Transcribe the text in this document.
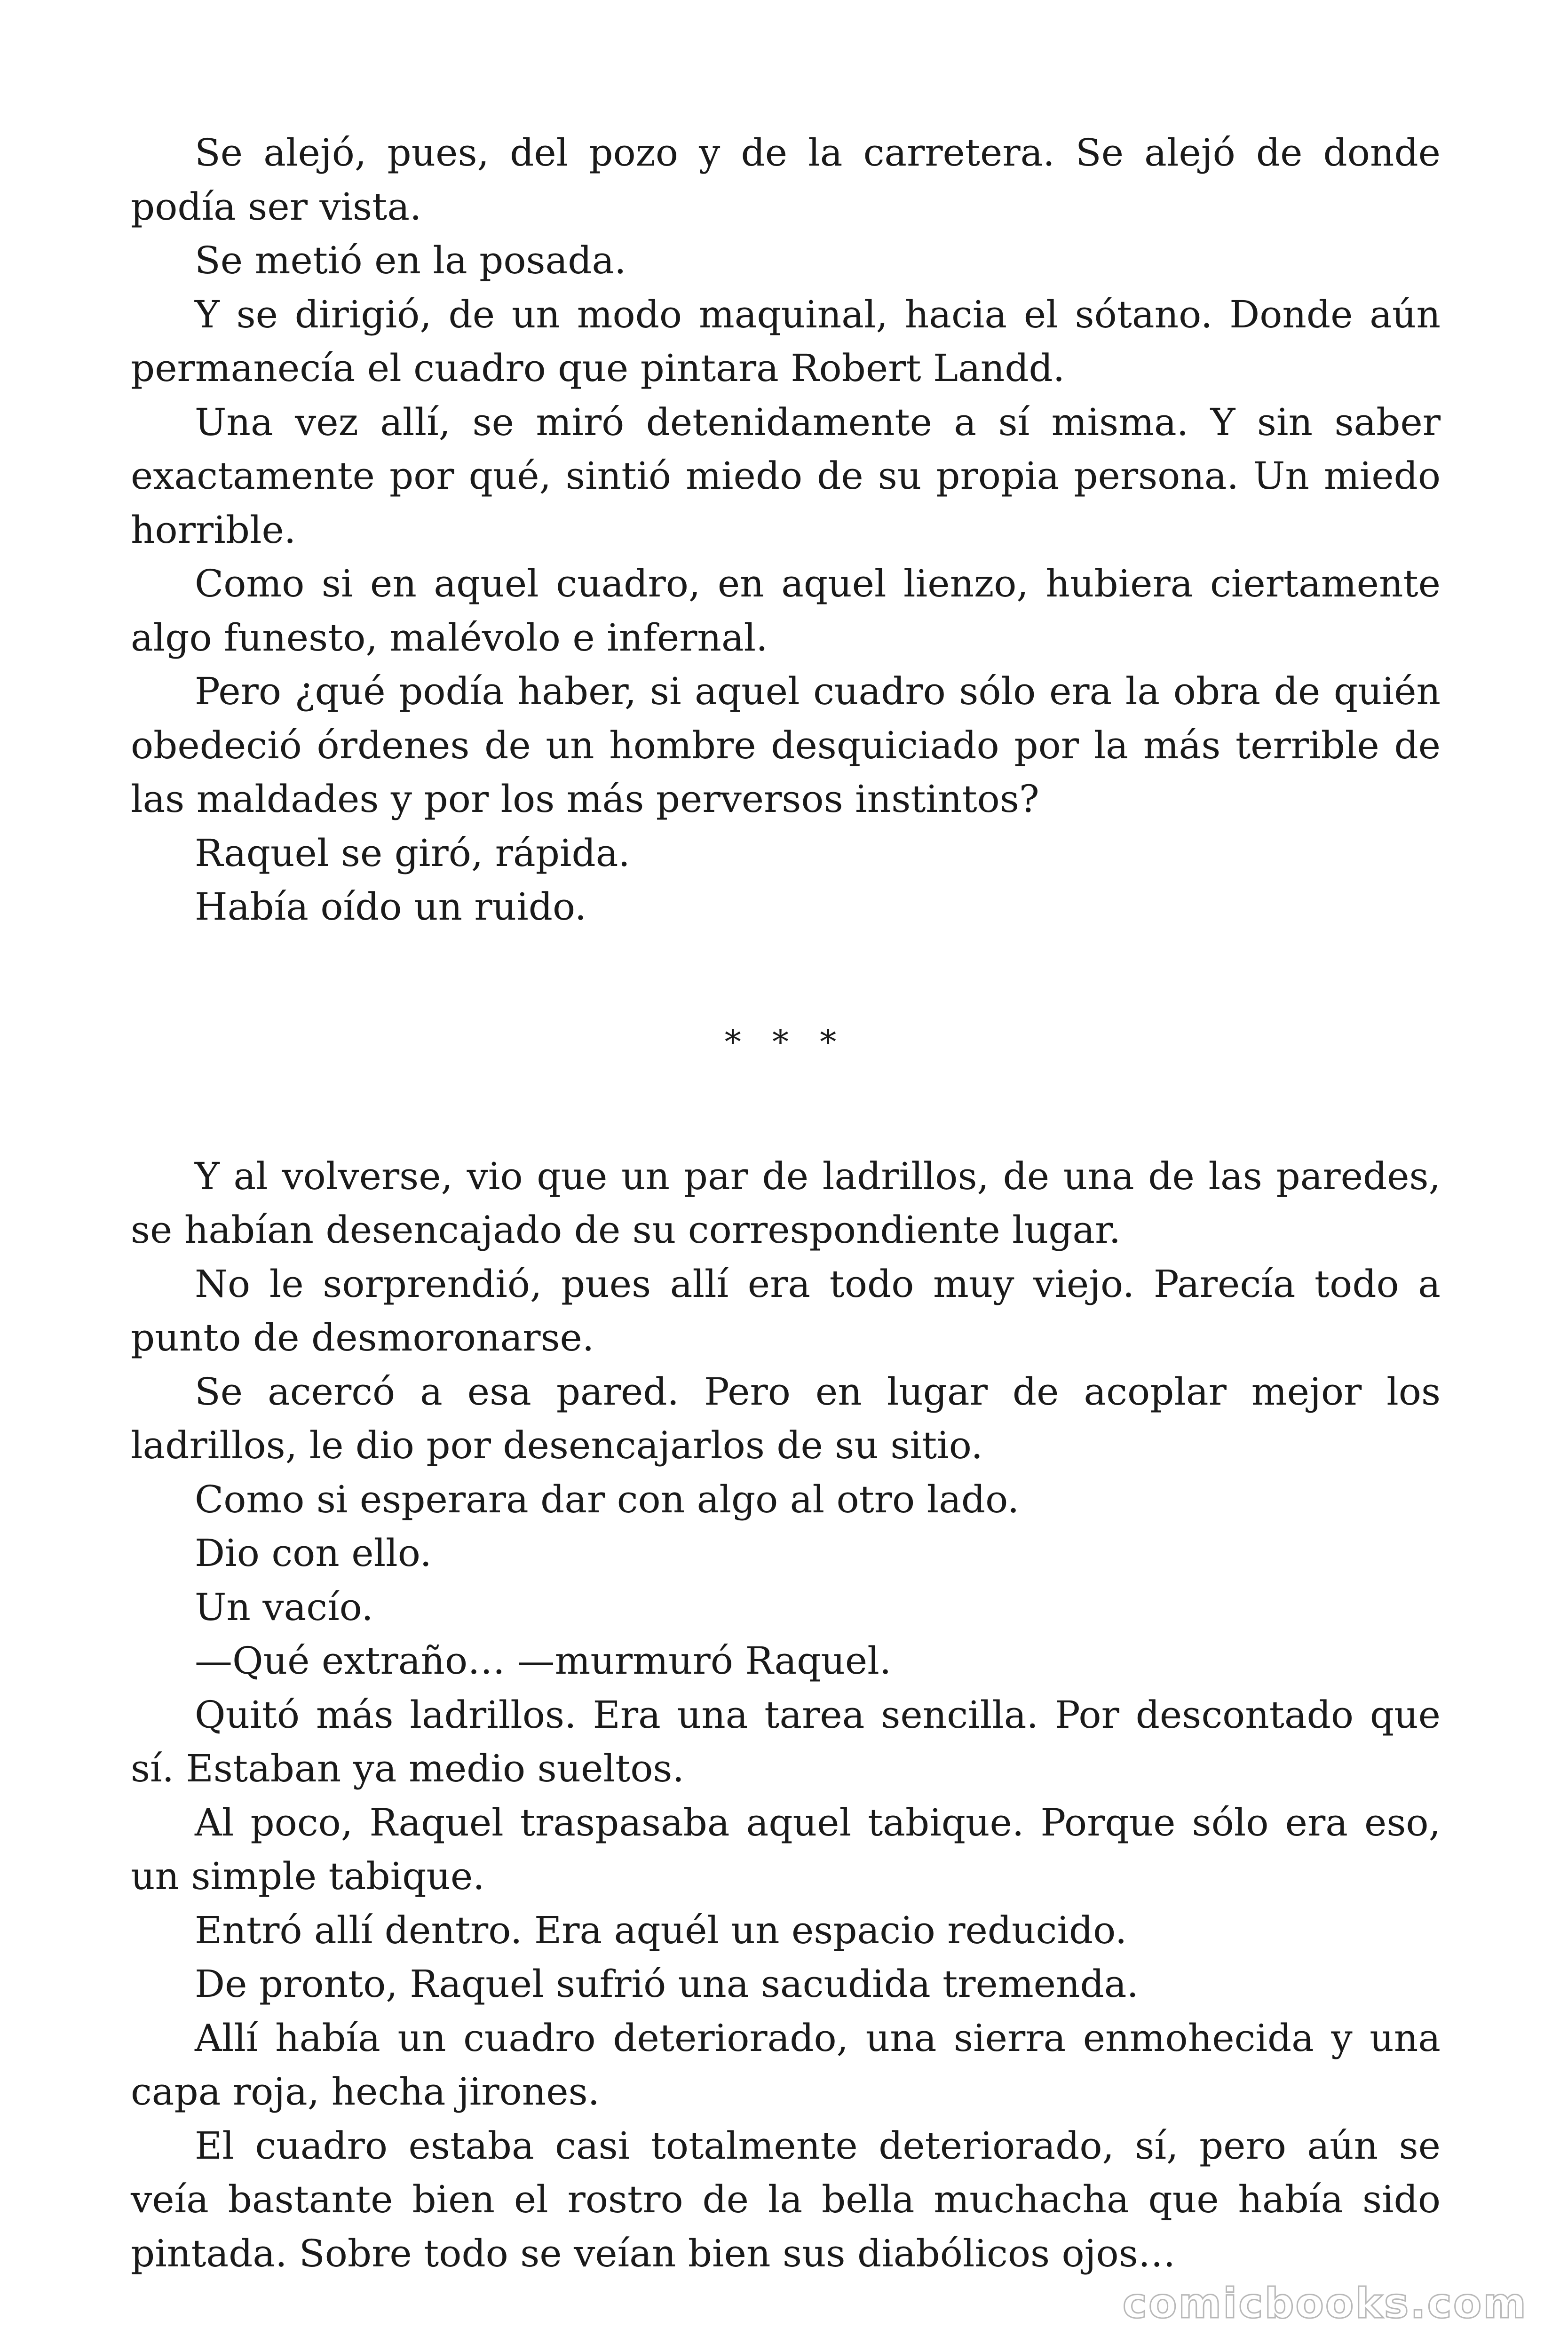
Se alejó, pues, del pozo y de la carretera. Se alejó de donde podía ser vista.

Se metió en la posada.

Y se dirigió, de un modo maquinal, hacia el sótano. Donde aún permanecía el cuadro que pintara Robert Landd.

Una vez allí, se miró detenidamente a sí misma. Y sin saber exactamente por qué, sintió miedo de su propia persona. Un miedo horrible.

Como si en aquel cuadro, en aquel lienzo, hubiera ciertamente algo funesto, malévolo e infernal.

Pero ¿qué podía haber, si aquel cuadro sólo era la obra de quién obedeció órdenes de un hombre desquiciado por la más terrible de las maldades y por los más perversos instintos?

Raquel se giró, rápida.

Había oído un ruido.

* * *

Y al volverse, vio que un par de ladrillos, de una de las paredes, se habían desencajado de su correspondiente lugar.

No le sorprendió, pues allí era todo muy viejo. Parecía todo a punto de desmoronarse.

Se acercó a esa pared. Pero en lugar de acoplar mejor los ladrillos, le dio por desencajarlos de su sitio.

Como si esperara dar con algo al otro lado.

Dio con ello.

Un vacío.

—Qué extraño… —murmuró Raquel.

Quitó más ladrillos. Era una tarea sencilla. Por descontado que sí. Estaban ya medio sueltos.

Al poco, Raquel traspasaba aquel tabique. Porque sólo era eso, un simple tabique.

Entró allí dentro. Era aquél un espacio reducido.

De pronto, Raquel sufrió una sacudida tremenda.

Allí había un cuadro deteriorado, una sierra enmohecida y una capa roja, hecha jirones.

El cuadro estaba casi totalmente deteriorado, sí, pero aún se veía bastante bien el rostro de la bella muchacha que había sido pintada. Sobre todo se veían bien sus diabólicos ojos…

comicbooks.com
